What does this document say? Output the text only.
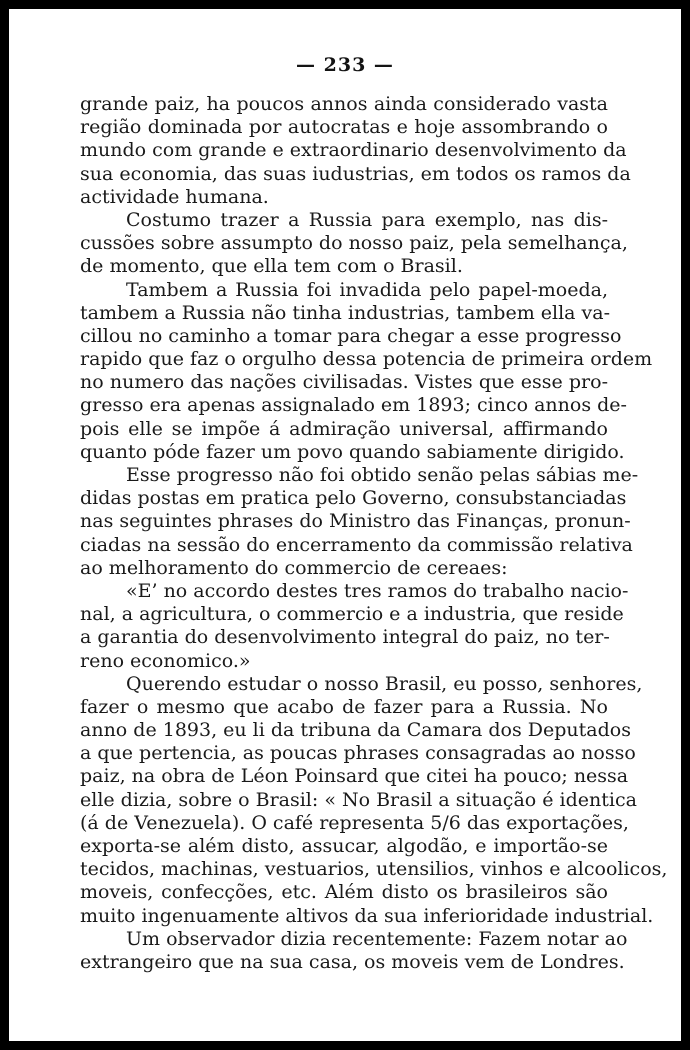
— 233 —
grande paiz, ha poucos annos ainda considerado vasta
região dominada por autocratas e hoje assombrando o
mundo com grande e extraordinario desenvolvimento da
sua economia, das suas iudustrias, em todos os ramos da
actividade humana.
Costumo trazer a Russia para exemplo, nas dis-
cussões sobre assumpto do nosso paiz, pela semelhança,
de momento, que ella tem com o Brasil.
Tambem a Russia foi invadida pelo papel-moeda,
tambem a Russia não tinha industrias, tambem ella va-
cillou no caminho a tomar para chegar a esse progresso
rapido que faz o orgulho dessa potencia de primeira ordem
no numero das nações civilisadas. Vistes que esse pro-
gresso era apenas assignalado em 1893; cinco annos de-
pois elle se impõe á admiração universal, affirmando
quanto póde fazer um povo quando sabiamente dirigido.
Esse progresso não foi obtido senão pelas sábias me-
didas postas em pratica pelo Governo, consubstanciadas
nas seguintes phrases do Ministro das Finanças, pronun-
ciadas na sessão do encerramento da commissão relativa
ao melhoramento do commercio de cereaes:
«E’ no accordo destes tres ramos do trabalho nacio-
nal, a agricultura, o commercio e a industria, que reside
a garantia do desenvolvimento integral do paiz, no ter-
reno economico.»
Querendo estudar o nosso Brasil, eu posso, senhores,
fazer o mesmo que acabo de fazer para a Russia. No
anno de 1893, eu li da tribuna da Camara dos Deputados
a que pertencia, as poucas phrases consagradas ao nosso
paiz, na obra de Léon Poinsard que citei ha pouco; nessa
elle dizia, sobre o Brasil: « No Brasil a situação é identica
(á de Venezuela). O café representa 5/6 das exportações,
exporta-se além disto, assucar, algodão, e importão-se
tecidos, machinas, vestuarios, utensilios, vinhos e alcoolicos,
moveis, confecções, etc. Além disto os brasileiros são
muito ingenuamente altivos da sua inferioridade industrial.
Um observador dizia recentemente: Fazem notar ao
extrangeiro que na sua casa, os moveis vem de Londres.
